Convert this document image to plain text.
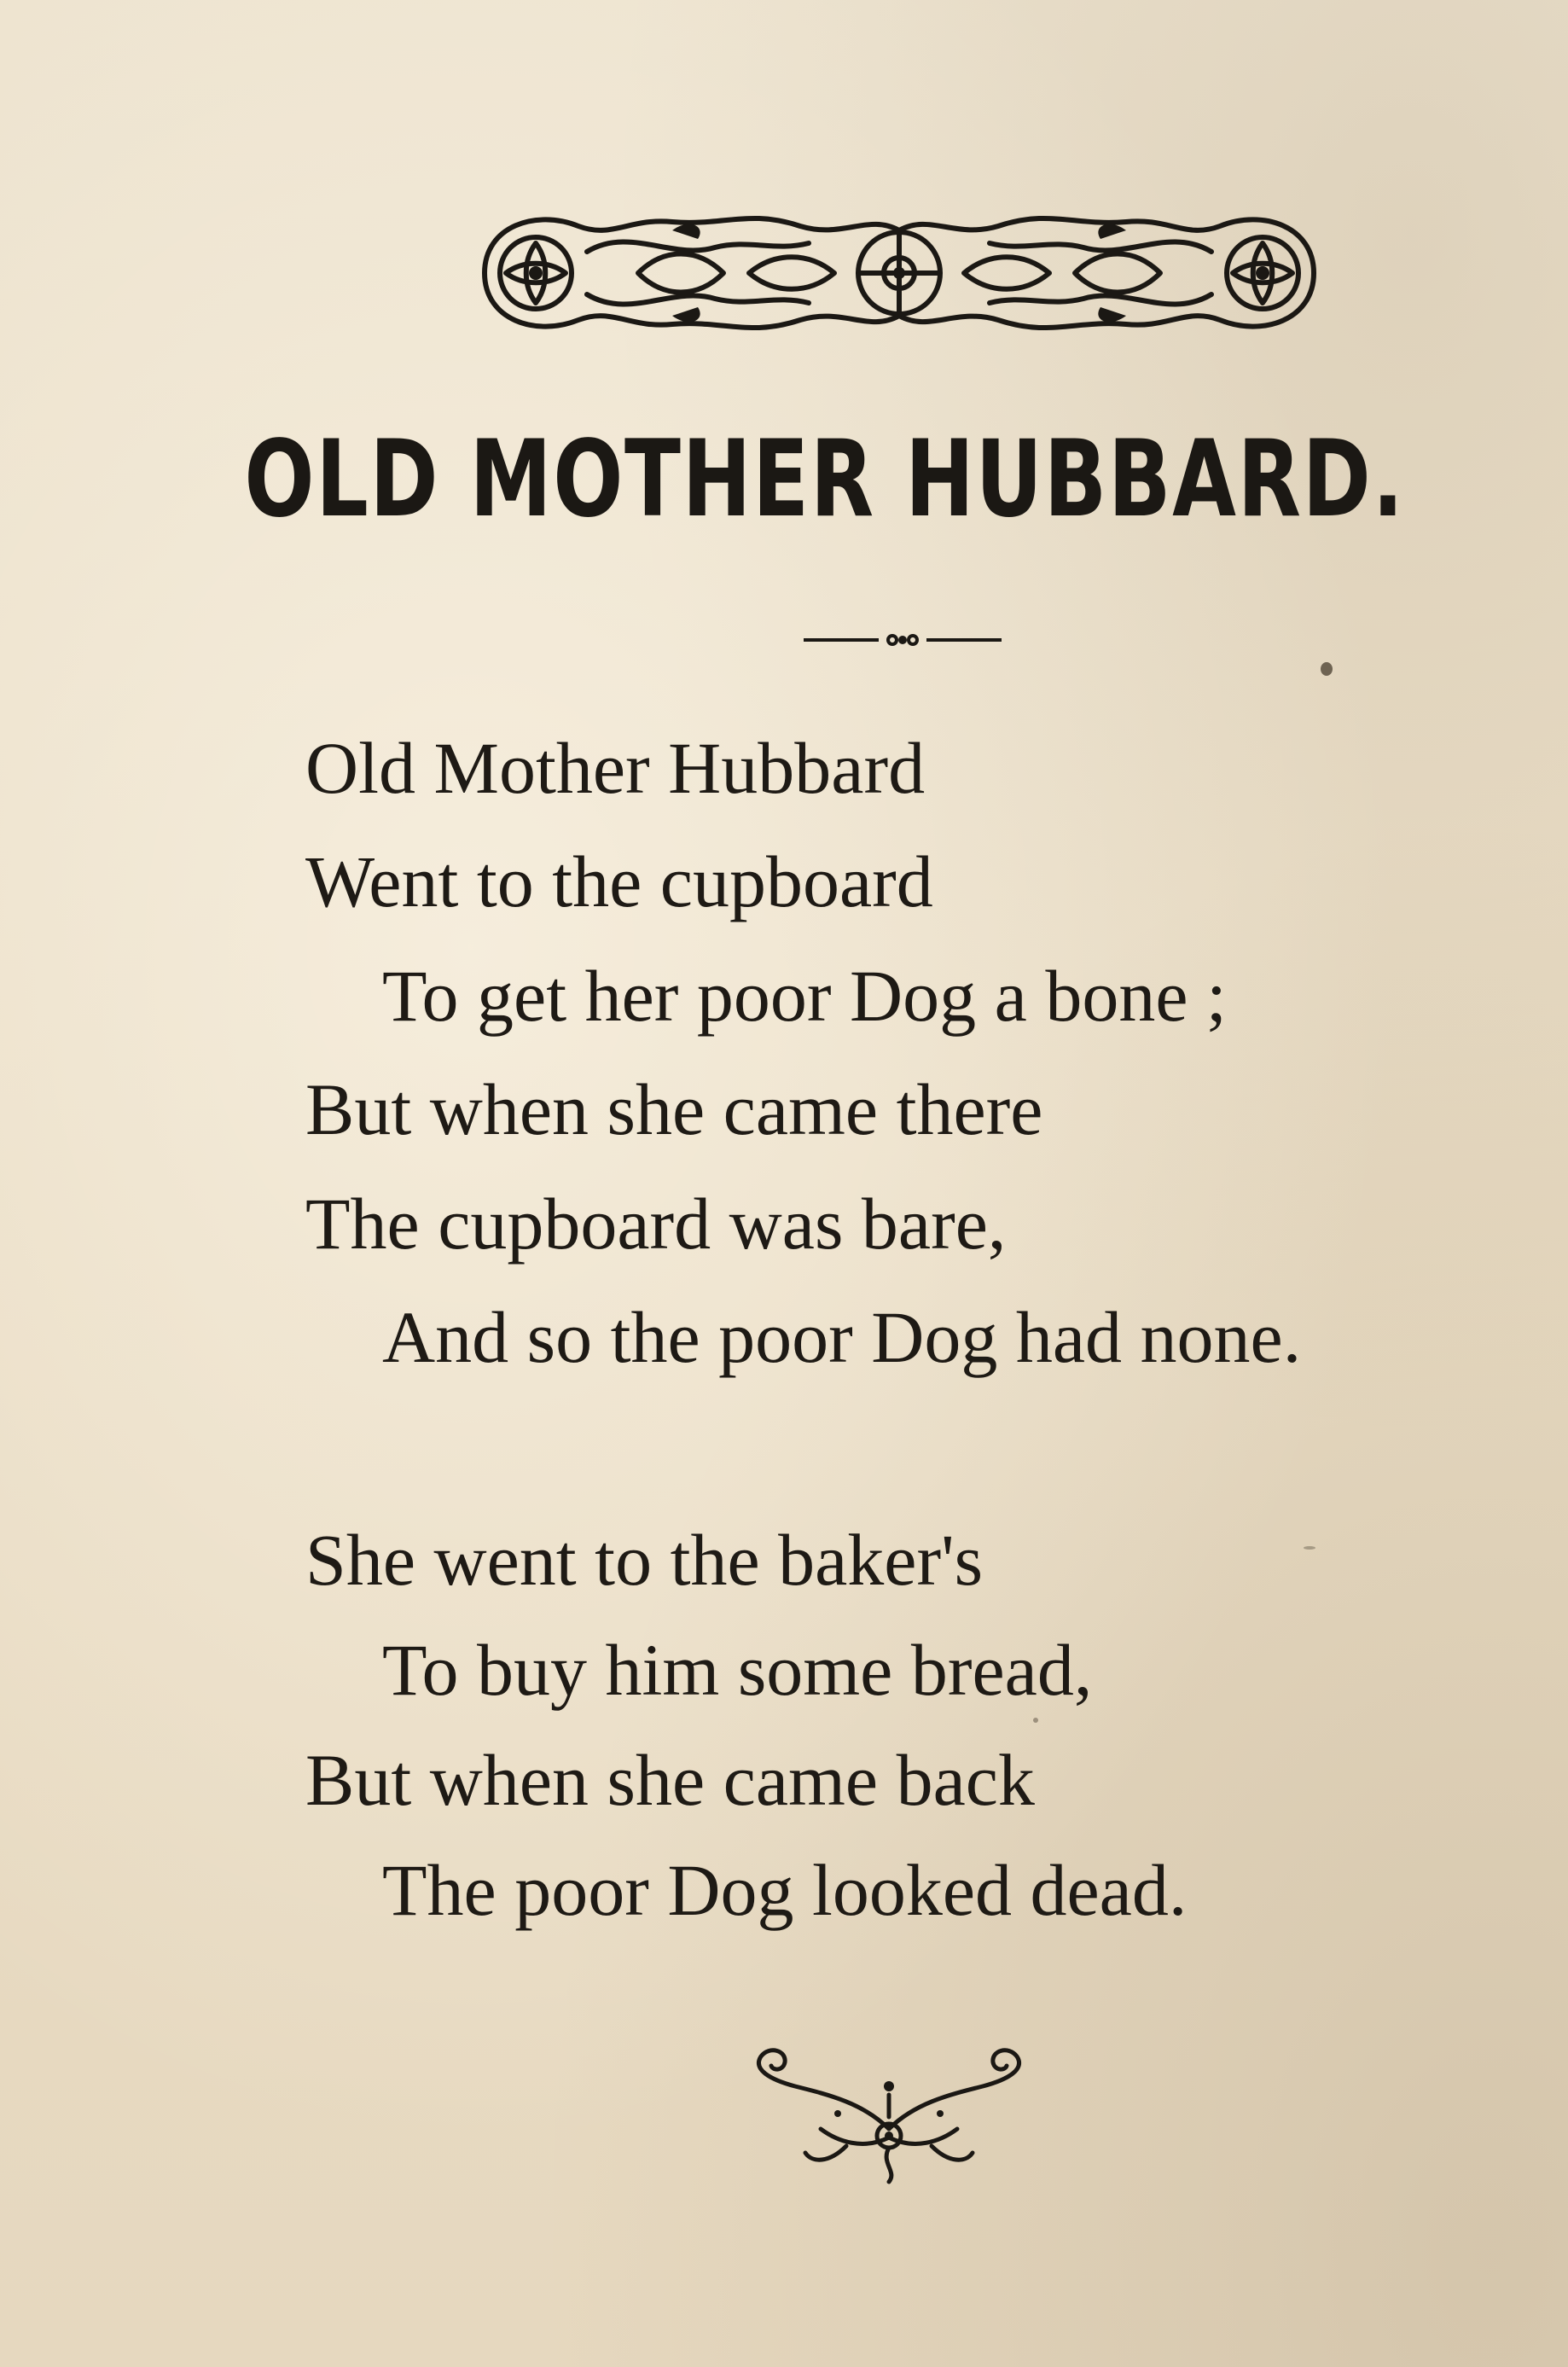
OLD MOTHER HUBBARD.
Old Mother Hubbard
Went to the cupboard
To get her poor Dog a bone ;
But when she came there
The cupboard was bare,
And so the poor Dog had none.
She went to the baker's
To buy him some bread,
But when she came back
The poor Dog looked dead.
